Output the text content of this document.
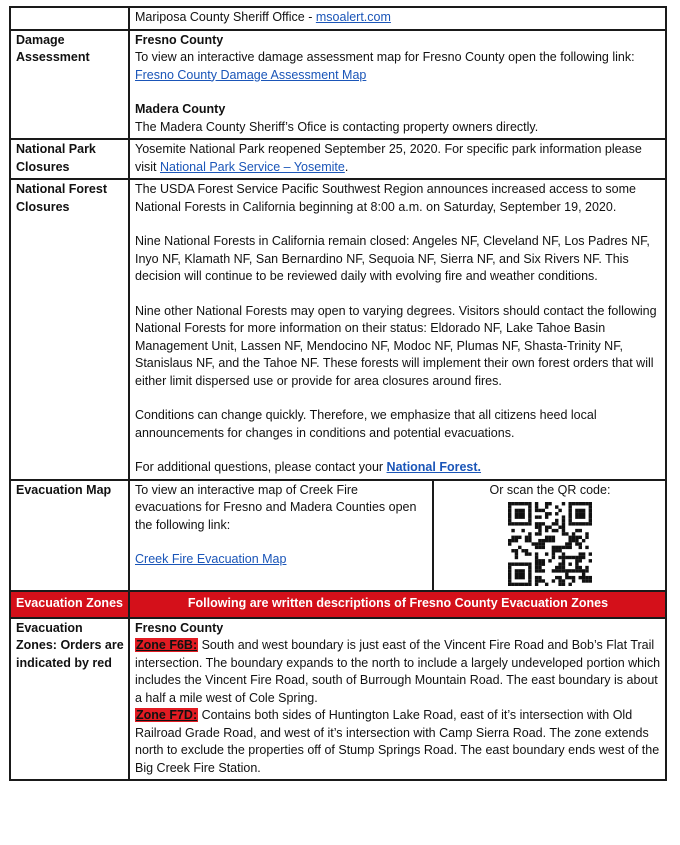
	Mariposa County Sheriff Office - msoalert.com	
Damage Assessment	Fresno County

To view an interactive damage assessment map for Fresno County open the following link: Fresno County Damage Assessment Map

Madera County

The Madera County Sheriff’s Ofice is contacting property owners directly.	

National Park Closures	Yosemite National Park reopened September 25, 2020. For specific park information please visit National Park Service – Yosemite.	
National Forest Closures	The USDA Forest Service Pacific Southwest Region announces increased access to some National Forests in California beginning at 8:00 a.m. on Saturday, September 19, 2020.

Nine National Forests in California remain closed: Angeles NF, Cleveland NF, Los Padres NF, Inyo NF, Klamath NF, San Bernardino NF, Sequoia NF, Sierra NF, and Six Rivers NF. This decision will continue to be reviewed daily with evolving fire and weather conditions.

Nine other National Forests may open to varying degrees. Visitors should contact the following National Forests for more information on their status: Eldorado NF, Lake Tahoe Basin Management Unit, Lassen NF, Mendocino NF, Modoc NF, Plumas NF, Shasta-Trinity NF, Stanislaus NF, and the Tahoe NF. These forests will implement their own forest orders that will either limit dispersed use or provide for area closures around fires.

Conditions can change quickly. Therefore, we emphasize that all citizens heed local announcements for changes in conditions and potential evacuations.

For additional questions, please contact your National Forest.	

Evacuation Map	To view an interactive map of Creek Fire evacuations for Fresno and Madera Counties open the following link:

Creek Fire Evacuation Map	Or scan the QR code:

Evacuation Zones	Following are written descriptions of Fresno County Evacuation Zones	
Evacuation Zones: Orders are indicated by red	Fresno County

Zone F6B: South and west boundary is just east of the Vincent Fire Road and Bob’s Flat Trail intersection. The boundary expands to the north to include a largely undeveloped portion which includes the Vincent Fire Road, south of Burrough Mountain Road. The east boundary is about a half a mile west of Cole Spring.

Zone F7D: Contains both sides of Huntington Lake Road, east of it’s intersection with Old Railroad Grade Road, and west of it’s intersection with Camp Sierra Road. The zone extends north to exclude the properties off of Stump Springs Road. The east boundary ends west of the Big Creek Fire Station.	
